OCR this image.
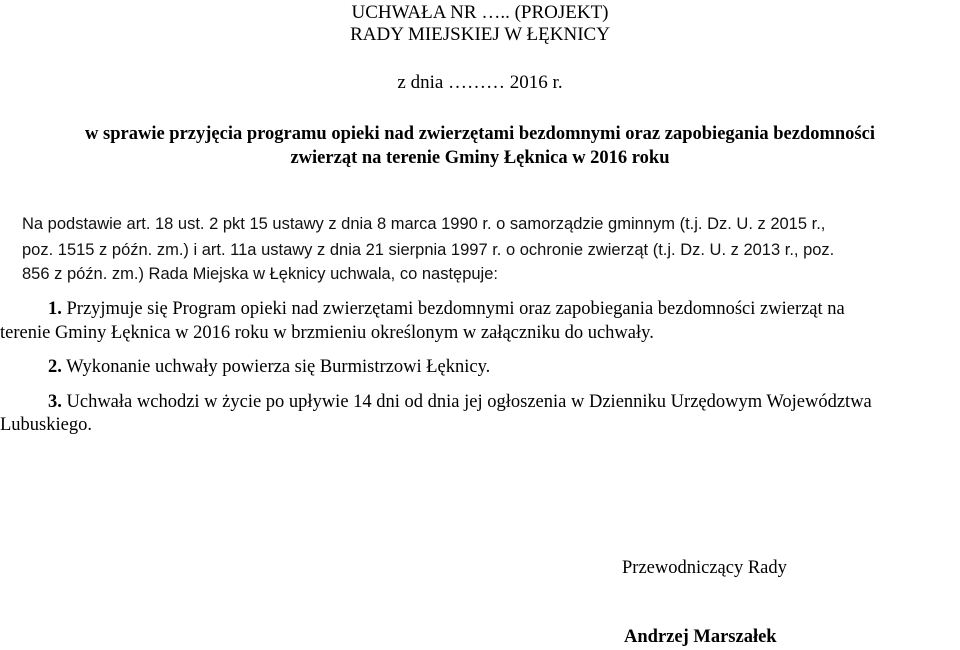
UCHWAŁA NR ….. (PROJEKT)
RADY MIEJSKIEJ W ŁĘKNICY
z dnia ……… 2016 r.
w sprawie przyjęcia programu opieki nad zwierzętami bezdomnymi oraz zapobiegania bezdomności
zwierząt na terenie Gminy Łęknica w 2016 roku
Na podstawie art. 18 ust. 2 pkt 15 ustawy z dnia 8 marca 1990 r. o samorządzie gminnym (t.j. Dz. U. z 2015 r.,
poz. 1515 z późn. zm.) i art. 11a ustawy z dnia 21 sierpnia 1997 r. o ochronie zwierząt (t.j. Dz. U. z 2013 r., poz.
856 z późn. zm.) Rada Miejska w Łęknicy uchwala, co następuje:
1. Przyjmuje się Program opieki nad zwierzętami bezdomnymi oraz zapobiegania bezdomności zwierząt na
terenie Gminy Łęknica w 2016 roku w brzmieniu określonym w załączniku do uchwały.
2. Wykonanie uchwały powierza się Burmistrzowi Łęknicy.
3. Uchwała wchodzi w życie po upływie 14 dni od dnia jej ogłoszenia w Dzienniku Urzędowym Województwa
Lubuskiego.
Przewodniczący Rady
Andrzej Marszałek
